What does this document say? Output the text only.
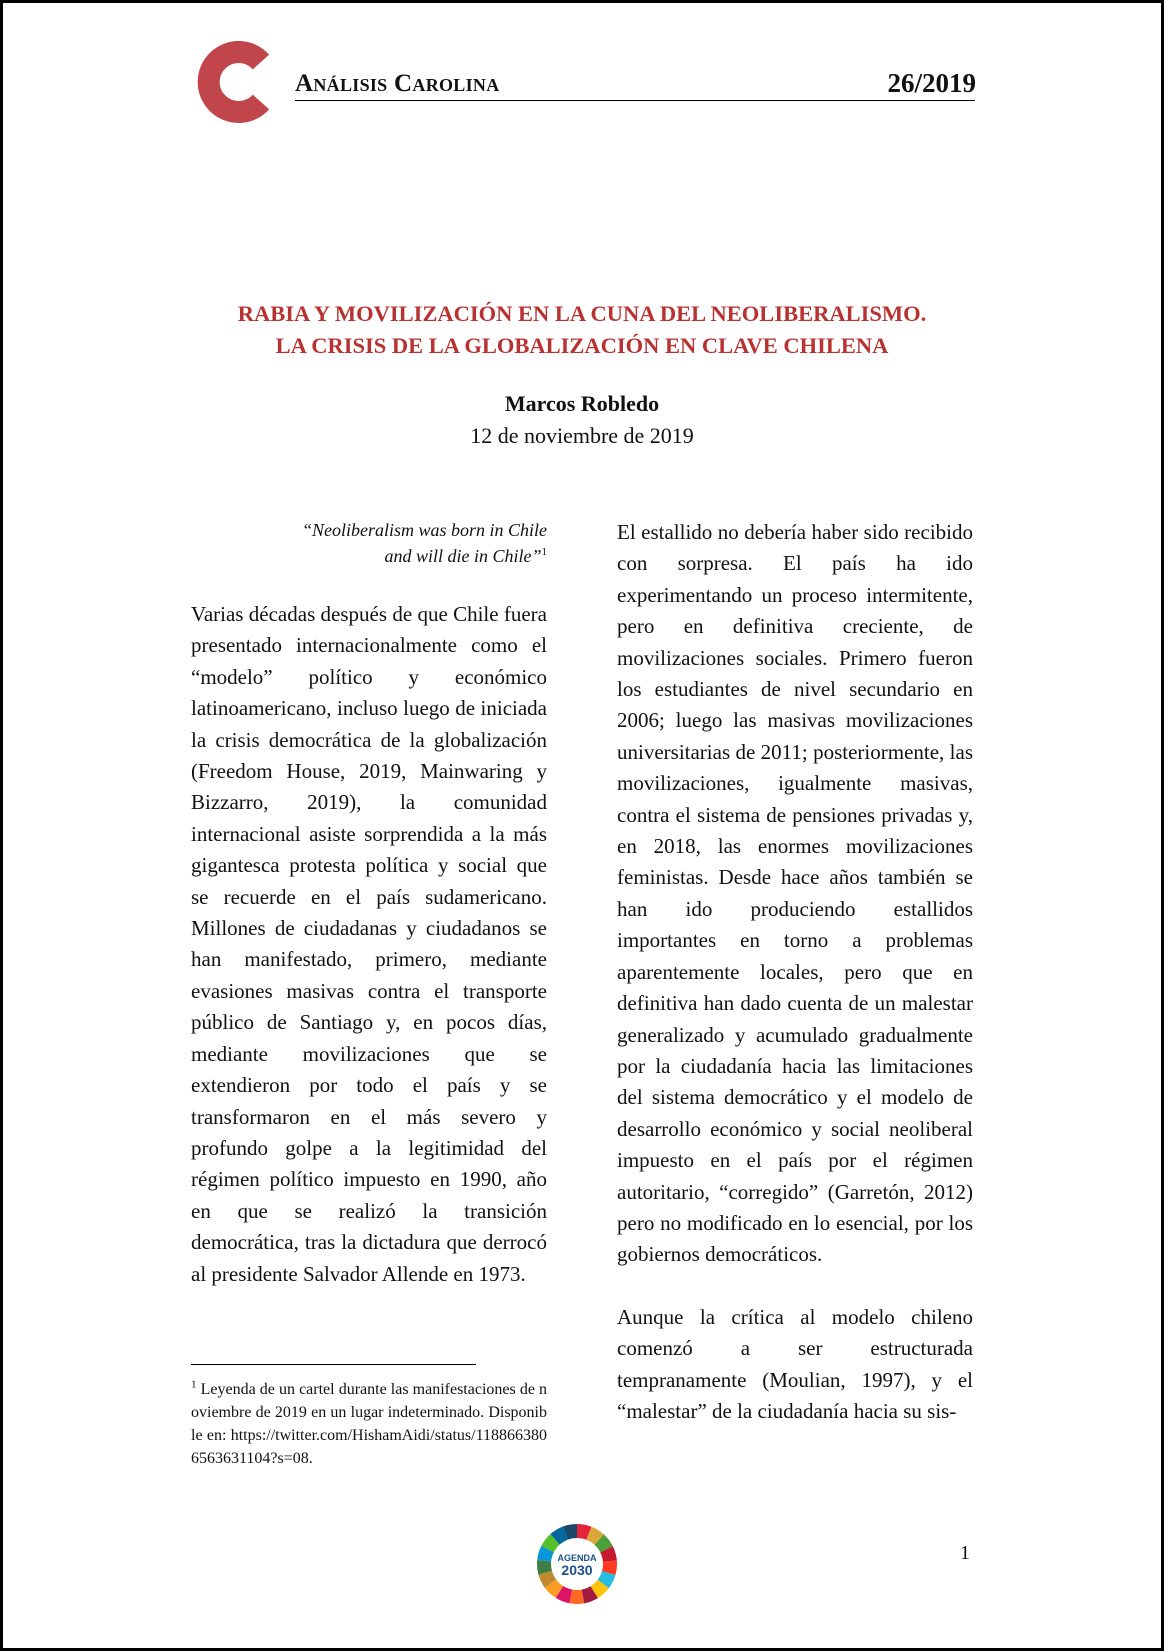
Análisis Carolina	26/2019
RABIA Y MOVILIZACIÓN EN LA CUNA DEL NEOLIBERALISMO.
LA CRISIS DE LA GLOBALIZACIÓN EN CLAVE CHILENA
Marcos Robledo
12 de noviembre de 2019
“Neoliberalism was born in Chile
and will die in Chile”$^1$
Varias décadas después de que Chile fuera presentado internacionalmente como el “modelo” político y económico latinoamericano, incluso luego de iniciada la crisis democrática de la globalización (Freedom House, 2019, Mainwaring y Bizzarro, 2019), la comunidad internacional asiste sorprendida a la más gigantesca protesta política y social que se recuerde en el país sudamericano. Millones de ciudadanas y ciudadanos se han manifestado, primero, mediante evasiones masivas contra el transporte público de Santiago y, en pocos días, mediante movilizaciones que se extendieron por todo el país y se transformaron en el más severo y profundo golpe a la legitimidad del régimen político impuesto en 1990, año en que se realizó la transición democrática, tras la dictadura que derrocó al presidente Salvador Allende en 1973.

El estallido no debería haber sido recibido con sorpresa. El país ha ido experimentando un proceso intermitente, pero en definitiva creciente, de movilizaciones sociales. Primero fueron los estudiantes de nivel secundario en 2006; luego las masivas movilizaciones universitarias de 2011; posteriormente, las movilizaciones, igualmente masivas, contra el sistema de pensiones privadas y, en 2018, las enormes movilizaciones feministas. Desde hace años también se han ido produciendo estallidos importantes en torno a problemas aparentemente locales, pero que en definitiva han dado cuenta de un malestar generalizado y acumulado gradualmente por la ciudadanía hacia las limitaciones del sistema democrático y el modelo de desarrollo económico y social neoliberal impuesto en el país por el régimen autoritario, “corregido” (Garretón, 2012) pero no modificado en lo esencial, por los gobiernos democráticos.

Aunque la crítica al modelo chileno comenzó a ser estructurada tempranamente (Moulian, 1997), y el “malestar” de la ciudadanía hacia su sis-

$^1$ Leyenda de un cartel durante las manifestaciones de noviembre de 2019 en un lugar indeterminado. Disponible en: https://twitter.com/HishamAidi/status/1188663806563631104?s=08.
AGENDA
2030
1
